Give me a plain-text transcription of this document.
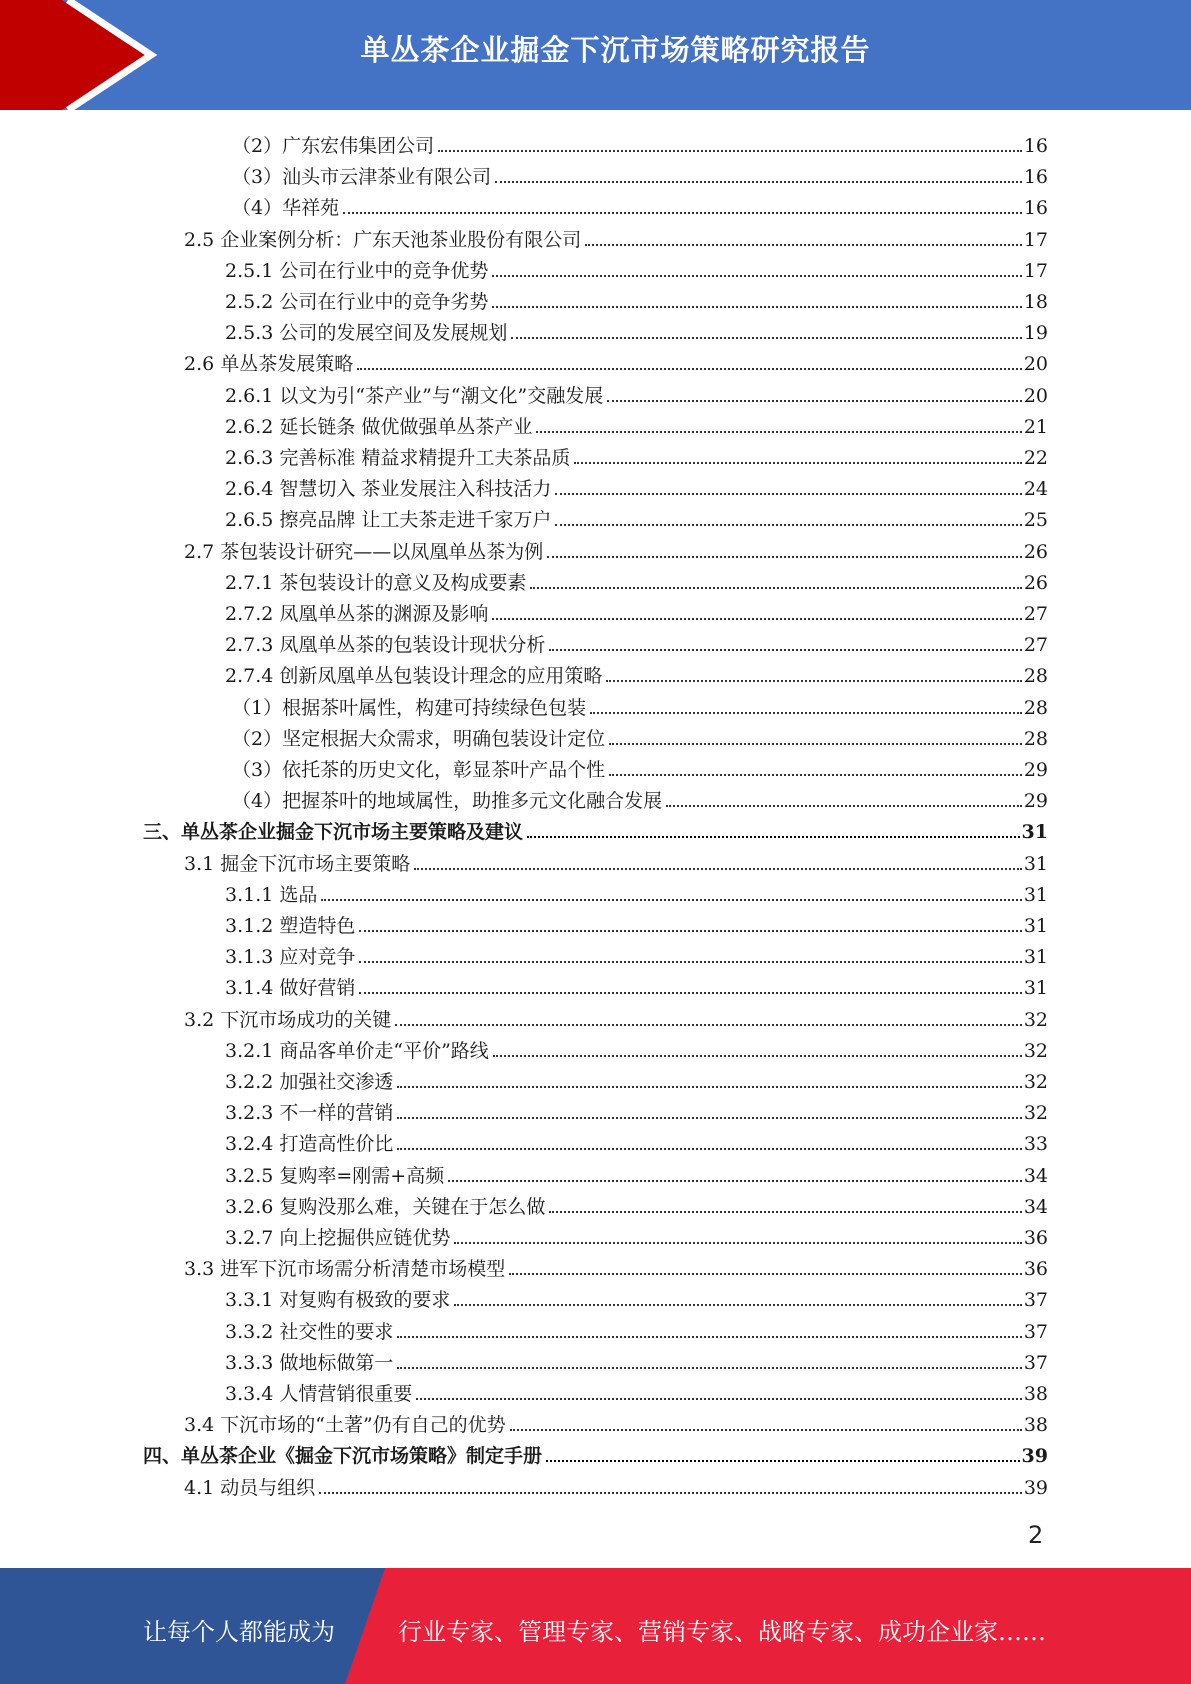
单丛茶企业掘金下沉市场策略研究报告
（2）广东宏伟集团公司	16
（3）汕头市云津茶业有限公司	16
（4）华祥苑	16
2.5 企业案例分析：广东天池茶业股份有限公司	17
2.5.1 公司在行业中的竞争优势	17
2.5.2 公司在行业中的竞争劣势	18
2.5.3 公司的发展空间及发展规划	19
2.6 单丛茶发展策略	20
2.6.1 以文为引“茶产业”与“潮文化”交融发展	20
2.6.2 延长链条 做优做强单丛茶产业	21
2.6.3 完善标准 精益求精提升工夫茶品质	22
2.6.4 智慧切入 茶业发展注入科技活力	24
2.6.5 擦亮品牌 让工夫茶走进千家万户	25
2.7 茶包装设计研究——以凤凰单丛茶为例	26
2.7.1 茶包装设计的意义及构成要素	26
2.7.2 凤凰单丛茶的渊源及影响	27
2.7.3 凤凰单丛茶的包装设计现状分析	27
2.7.4 创新凤凰单丛包装设计理念的应用策略	28
（1）根据茶叶属性，构建可持续绿色包装	28
（2）坚定根据大众需求，明确包装设计定位	28
（3）依托茶的历史文化，彰显茶叶产品个性	29
（4）把握茶叶的地域属性，助推多元文化融合发展	29
三、单丛茶企业掘金下沉市场主要策略及建议	31
3.1 掘金下沉市场主要策略	31
3.1.1 选品	31
3.1.2 塑造特色	31
3.1.3 应对竞争	31
3.1.4 做好营销	31
3.2 下沉市场成功的关键	32
3.2.1 商品客单价走“平价”路线	32
3.2.2 加强社交渗透	32
3.2.3 不一样的营销	32
3.2.4 打造高性价比	33
3.2.5 复购率=刚需+高频	34
3.2.6 复购没那么难，关键在于怎么做	34
3.2.7 向上挖掘供应链优势	36
3.3 进军下沉市场需分析清楚市场模型	36
3.3.1 对复购有极致的要求	37
3.3.2 社交性的要求	37
3.3.3 做地标做第一	37
3.3.4 人情营销很重要	38
3.4 下沉市场的“土著”仍有自己的优势	38
四、单丛茶企业《掘金下沉市场策略》制定手册	39
4.1 动员与组织	39
2
让每个人都能成为	行业专家、管理专家、营销专家、战略专家、成功企业家……
